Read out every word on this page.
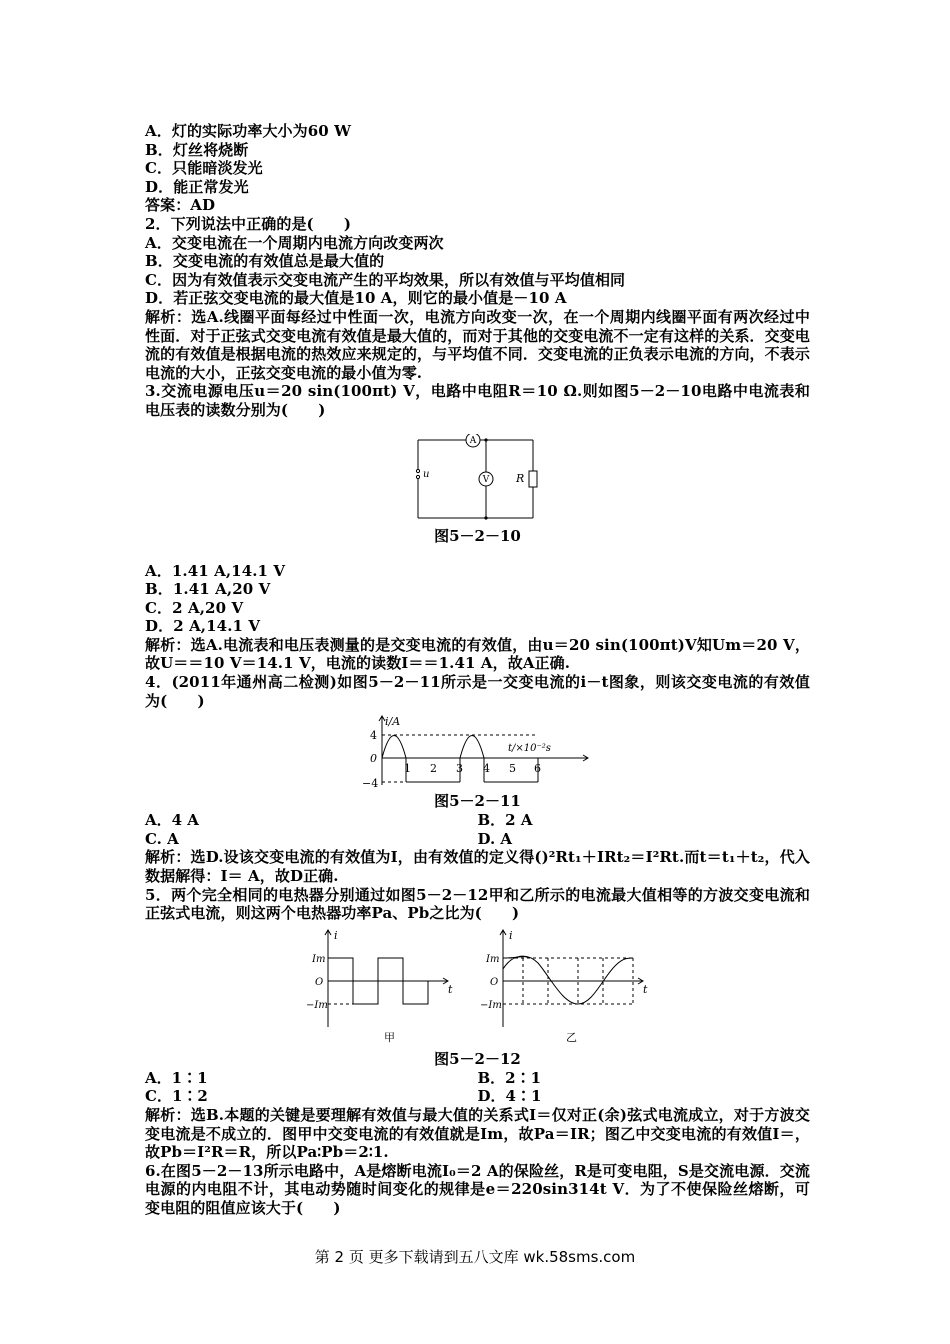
A．灯的实际功率大小为60 W
B．灯丝将烧断
C．只能暗淡发光
D．能正常发光
答案：AD
2．下列说法中正确的是(　　)
A．交变电流在一个周期内电流方向改变两次
B．交变电流的有效值总是最大值的
C．因为有效值表示交变电流产生的平均效果，所以有效值与平均值相同
D．若正弦交变电流的最大值是10 A，则它的最小值是－10 A
解析：选A.线圈平面每经过中性面一次，电流方向改变一次，在一个周期内线圈平面有两次经过中性面．对于正弦式交变电流有效值是最大值的，而对于其他的交变电流不一定有这样的关系．交变电流的有效值是根据电流的热效应来规定的，与平均值不同．交变电流的正负表示电流的方向，不表示电流的大小，正弦交变电流的最小值为零.
3.交流电源电压u＝20 sin(100πt) V，电路中电阻R＝10 Ω.则如图5－2－10电路中电流表和电压表的读数分别为(　　)
A
V
u	R
图5－2－10
A．1.41 A,14.1 V
B．1.41 A,20 V
C．2 A,20 V
D．2 A,14.1 V
解析：选A.电流表和电压表测量的是交变电流的有效值，由u＝20 sin(100πt)V知Um＝20 V，故U＝＝10 V＝14.1 V，电流的读数I＝＝1.41 A，故A正确.
4．(2011年通州高二检测)如图5－2－11所示是一交变电流的i－t图象，则该交变电流的有效值为(　　)
i/A
t/×10⁻²s
4
0
−4
1 2 3 4 5 6
图5－2－11
A．4 A	B．2 A
C. A	D. A
解析：选D.设该交变电流的有效值为I，由有效值的定义得()²Rt₁＋IRt₂＝I²Rt.而t＝t₁＋t₂，代入数据解得：I＝ A，故D正确.
5．两个完全相同的电热器分别通过如图5－2－12甲和乙所示的电流最大值相等的方波交变电流和正弦式电流，则这两个电热器功率Pa、Pb之比为(　　)
i
t
Im
O
−Im
甲
i
t
Im
O
−Im
乙
图5－2－12
A．1∶1	B．2∶1
C．1∶2	D．4∶1
解析：选B.本题的关键是要理解有效值与最大值的关系式I＝仅对正(余)弦式电流成立，对于方波交变电流是不成立的．图甲中交变电流的有效值就是Im，故Pa＝IR；图乙中交变电流的有效值I＝，故Pb＝I²R＝R，所以Pa∶Pb＝2∶1.
6.在图5－2－13所示电路中，A是熔断电流I₀＝2 A的保险丝，R是可变电阻，S是交流电源．交流电源的内电阻不计，其电动势随时间变化的规律是e＝220sin314t V．为了不使保险丝熔断，可变电阻的阻值应该大于(　　)
第 2 页 更多下载请到五八文库 wk.58sms.com
